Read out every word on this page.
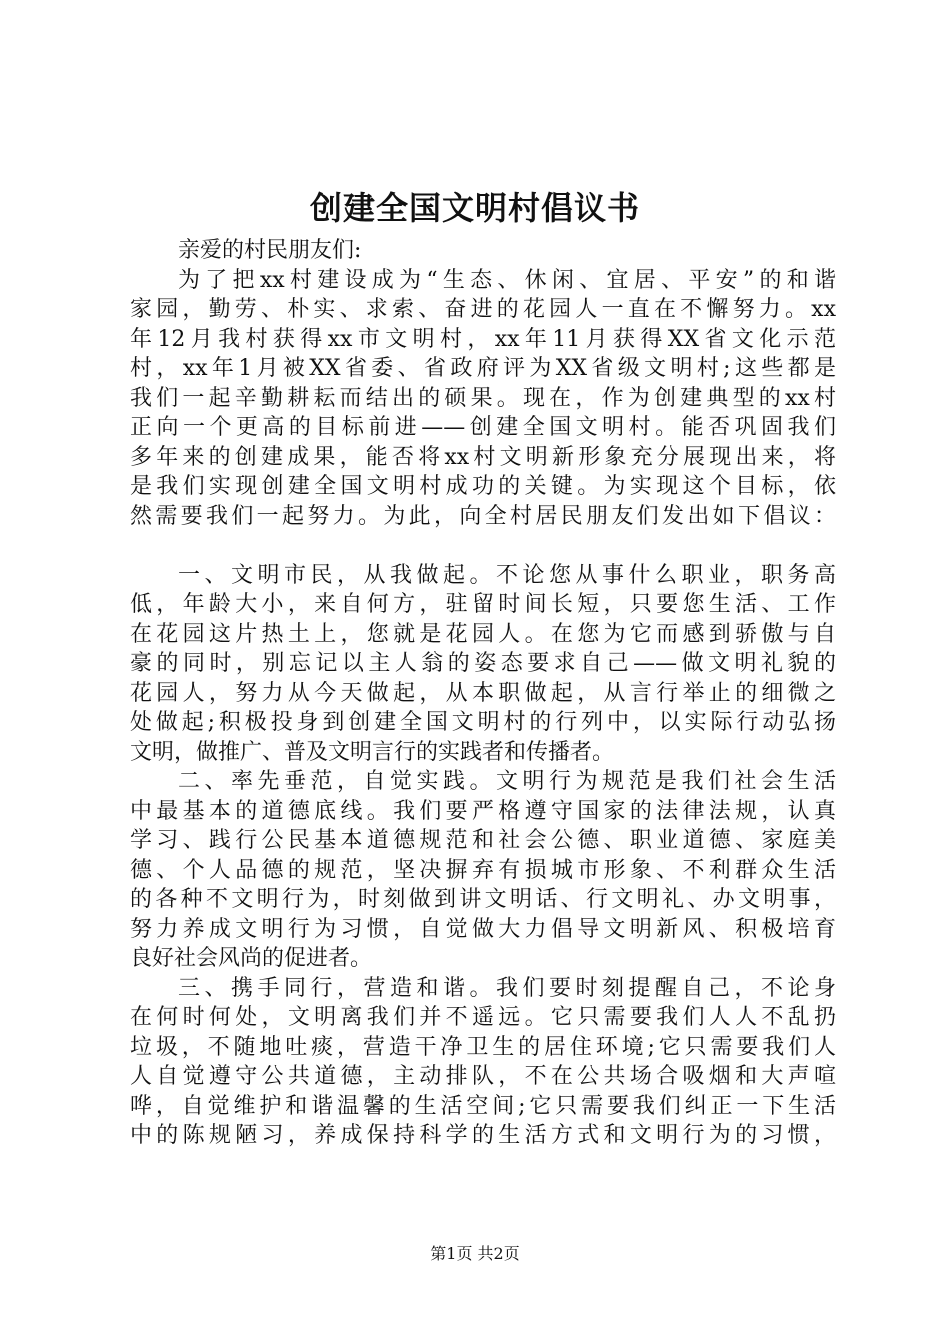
创建全国文明村倡议书
亲爱的村民朋友们:
为了把xx村建设成为“生态、休闲、宜居、平安”的和谐
家园，勤劳、朴实、求索、奋进的花园人一直在不懈努力。xx
年12月我村获得xx市文明村，xx年11月获得XX省文化示范
村，xx年1月被XX省委、省政府评为XX省级文明村;这些都是
我们一起辛勤耕耘而结出的硕果。现在，作为创建典型的xx村
正向一个更高的目标前进——创建全国文明村。能否巩固我们
多年来的创建成果，能否将xx村文明新形象充分展现出来，将
是我们实现创建全国文明村成功的关键。为实现这个目标，依
然需要我们一起努力。为此，向全村居民朋友们发出如下倡议：
一、文明市民，从我做起。不论您从事什么职业，职务高
低，年龄大小，来自何方，驻留时间长短，只要您生活、工作
在花园这片热土上，您就是花园人。在您为它而感到骄傲与自
豪的同时，别忘记以主人翁的姿态要求自己——做文明礼貌的
花园人，努力从今天做起，从本职做起，从言行举止的细微之
处做起;积极投身到创建全国文明村的行列中，以实际行动弘扬
文明，做推广、普及文明言行的实践者和传播者。
二、率先垂范，自觉实践。文明行为规范是我们社会生活
中最基本的道德底线。我们要严格遵守国家的法律法规，认真
学习、践行公民基本道德规范和社会公德、职业道德、家庭美
德、个人品德的规范，坚决摒弃有损城市形象、不利群众生活
的各种不文明行为，时刻做到讲文明话、行文明礼、办文明事，
努力养成文明行为习惯，自觉做大力倡导文明新风、积极培育
良好社会风尚的促进者。
三、携手同行，营造和谐。我们要时刻提醒自己，不论身
在何时何处，文明离我们并不遥远。它只需要我们人人不乱扔
垃圾，不随地吐痰，营造干净卫生的居住环境;它只需要我们人
人自觉遵守公共道德，主动排队，不在公共场合吸烟和大声喧
哗，自觉维护和谐温馨的生活空间;它只需要我们纠正一下生活
中的陈规陋习，养成保持科学的生活方式和文明行为的习惯，
第1页 共2页
